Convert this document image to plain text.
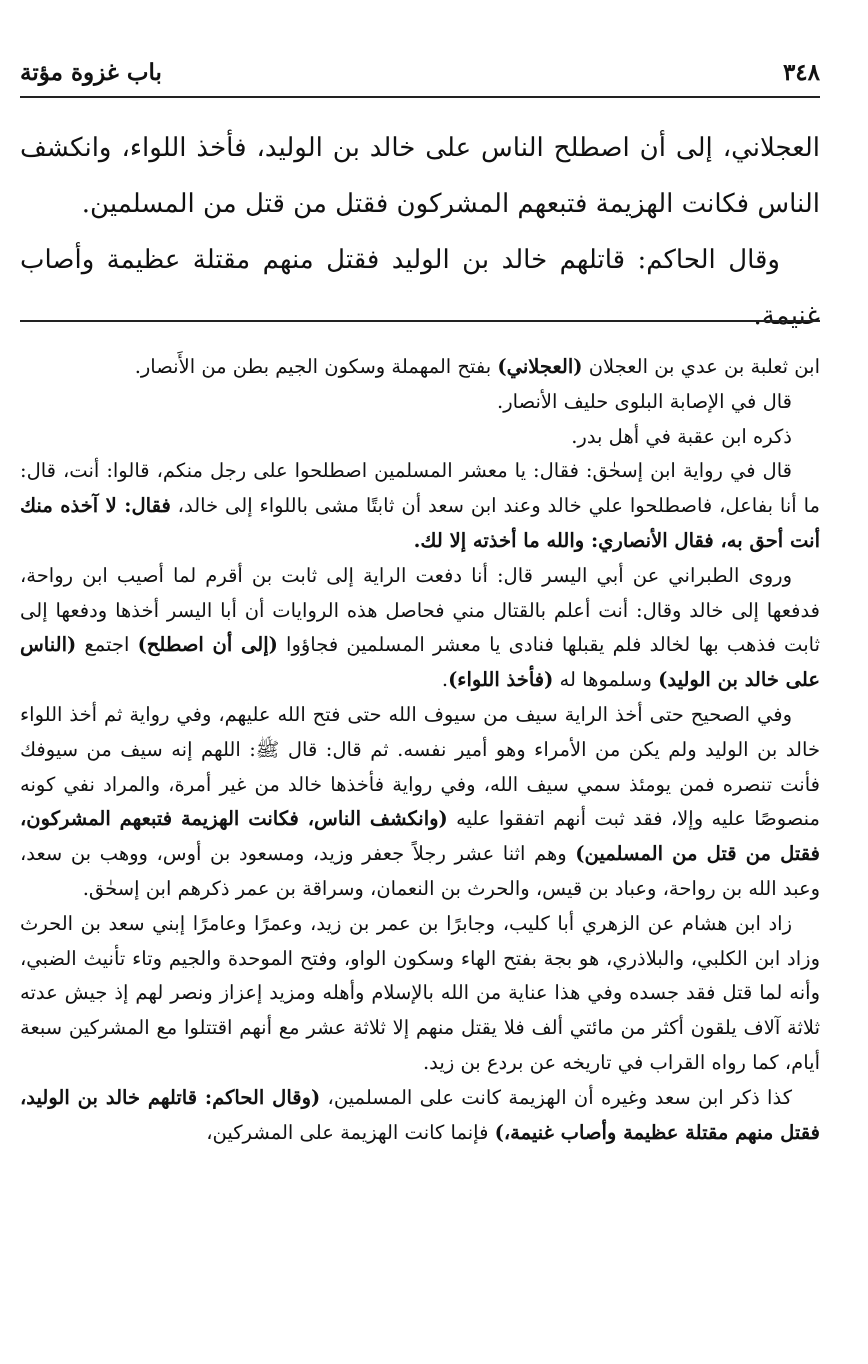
٣٤٨
باب غزوة مؤتة

العجلاني، إلى أن اصطلح الناس على خالد بن الوليد، فأخذ اللواء، وانكشف الناس فكانت الهزيمة فتبعهم المشركون فقتل من قتل من المسلمين.

وقال الحاكم: قاتلهم خالد بن الوليد فقتل منهم مقتلة عظيمة وأصاب غنيمة.

ابن ثعلبة بن عدي بن العجلان (العجلاني) بفتح المهملة وسكون الجيم بطن من الأَنصار.

قال في الإصابة البلوى حليف الأنصار.

ذكره ابن عقبة في أهل بدر.

قال في رواية ابن إسحٰق: فقال: يا معشر المسلمين اصطلحوا على رجل منكم، قالوا: أنت، قال: ما أنا بفاعل، فاصطلحوا علي خالد وعند ابن سعد أن ثابتًا مشى باللواء إلى خالد، فقال: لا آخذه منك أنت أحق به، فقال الأنصاري: والله ما أخذته إلا لك.

وروى الطبراني عن أبي اليسر قال: أنا دفعت الراية إلى ثابت بن أقرم لما أصيب ابن رواحة، فدفعها إلى خالد وقال: أنت أعلم بالقتال مني فحاصل هذه الروايات أن أبا اليسر أخذها ودفعها إلى ثابت فذهب بها لخالد فلم يقبلها فنادى يا معشر المسلمين فجاؤوا (إلى أن اصطلح) اجتمع (الناس على خالد بن الوليد) وسلموها له (فأخذ اللواء).

وفي الصحيح حتى أخذ الراية سيف من سيوف الله حتى فتح الله عليهم، وفي رواية ثم أخذ اللواء خالد بن الوليد ولم يكن من الأمراء وهو أمير نفسه. ثم قال: قال ﷺ: اللهم إنه سيف من سيوفك فأنت تنصره فمن يومئذ سمي سيف الله، وفي رواية فأخذها خالد من غير أمرة، والمراد نفي كونه منصوصًا عليه وإلا، فقد ثبت أنهم اتفقوا عليه (وانكشف الناس، فكانت الهزيمة فتبعهم المشركون، فقتل من قتل من المسلمين) وهم اثنا عشر رجلاً جعفر وزيد، ومسعود بن أوس، ووهب بن سعد، وعبد الله بن رواحة، وعباد بن قيس، والحرث بن النعمان، وسراقة بن عمر ذكرهم ابن إسحٰق.

زاد ابن هشام عن الزهري أبا كليب، وجابرًا بن عمر بن زيد، وعمرًا وعامرًا إبني سعد بن الحرث وزاد ابن الكلبي، والبلاذري، هو بجة بفتح الهاء وسكون الواو، وفتح الموحدة والجيم وتاء تأنيث الضبي، وأنه لما قتل فقد جسده وفي هذا عناية من الله بالإسلام وأهله ومزيد إعزاز ونصر لهم إذ جيش عدته ثلاثة آلاف يلقون أكثر من مائتي ألف فلا يقتل منهم إلا ثلاثة عشر مع أنهم اقتتلوا مع المشركين سبعة أيام، كما رواه القراب في تاريخه عن بردع بن زيد.

كذا ذكر ابن سعد وغيره أن الهزيمة كانت على المسلمين، (وقال الحاكم: قاتلهم خالد بن الوليد، فقتل منهم مقتلة عظيمة وأصاب غنيمة،) فإنما كانت الهزيمة على المشركين،
